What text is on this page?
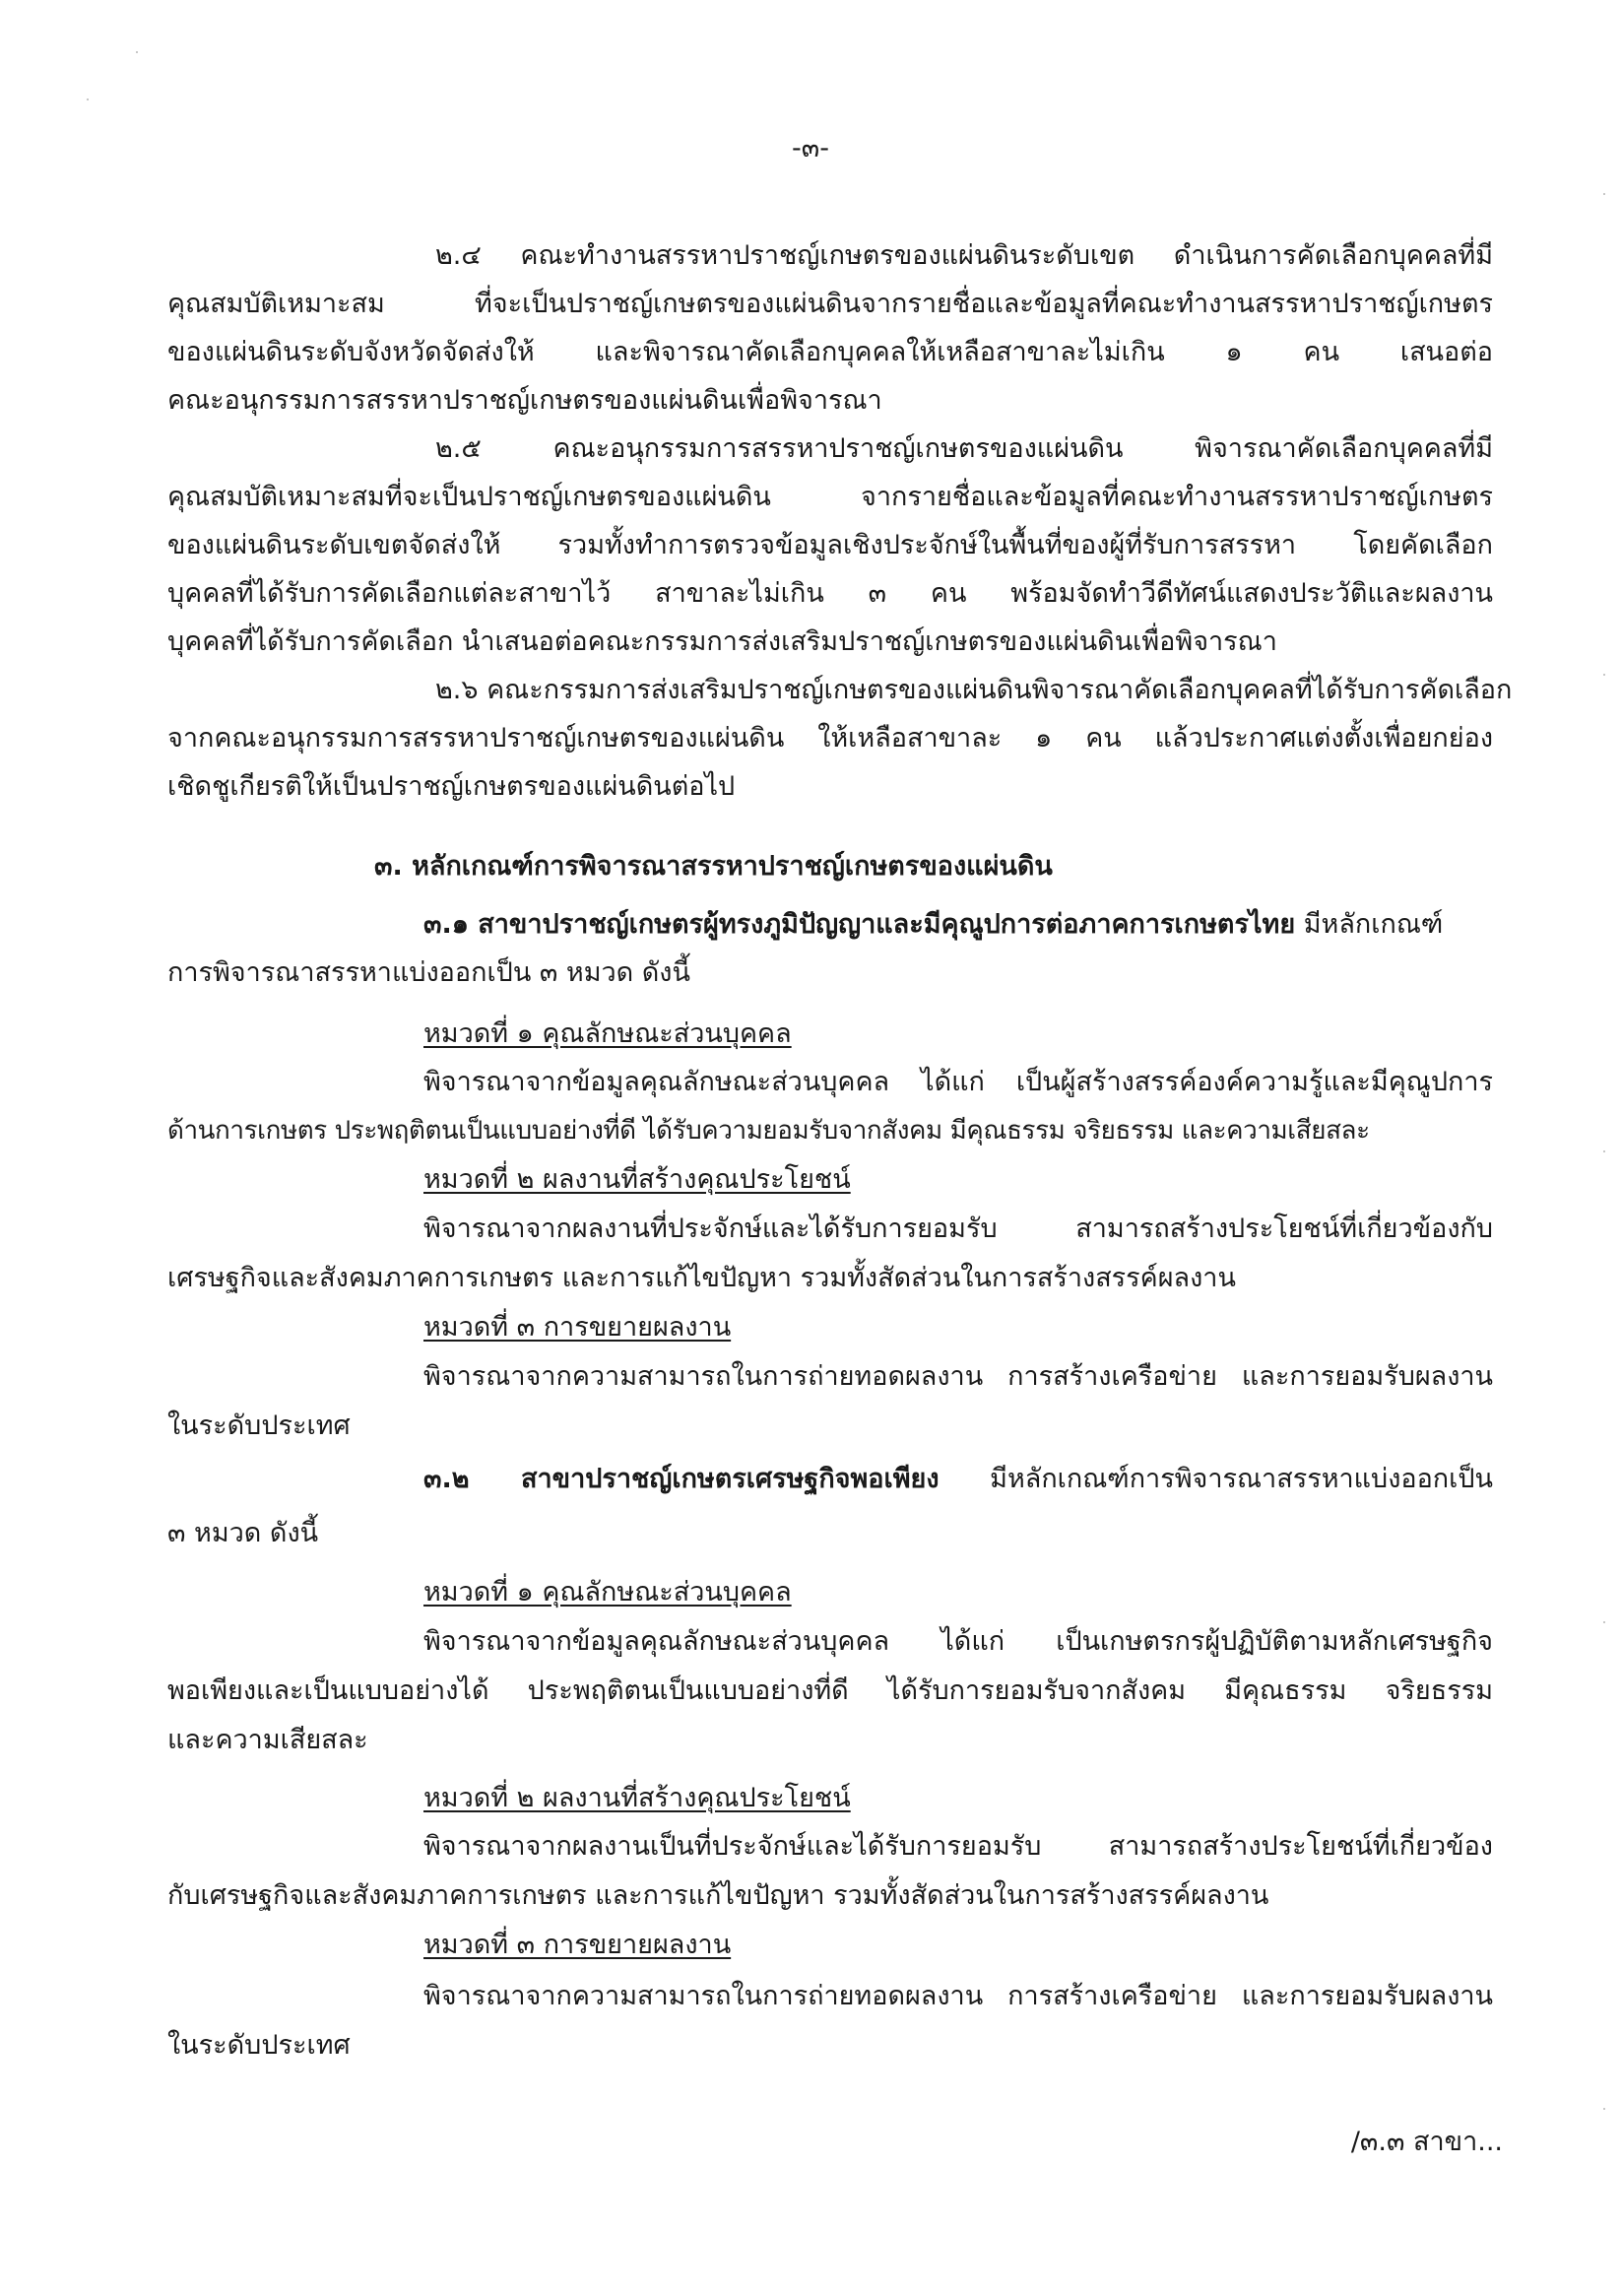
-๓-
๒.๔ คณะทำงานสรรหาปราชญ์เกษตรของแผ่นดินระดับเขต ดำเนินการคัดเลือกบุคคลที่มี
คุณสมบัติเหมาะสม ที่จะเป็นปราชญ์เกษตรของแผ่นดินจากรายชื่อและข้อมูลที่คณะทำงานสรรหาปราชญ์เกษตร
ของแผ่นดินระดับจังหวัดจัดส่งให้ และพิจารณาคัดเลือกบุคคลให้เหลือสาขาละไม่เกิน ๑ คน เสนอต่อ
คณะอนุกรรมการสรรหาปราชญ์เกษตรของแผ่นดินเพื่อพิจารณา
๒.๕ คณะอนุกรรมการสรรหาปราชญ์เกษตรของแผ่นดิน พิจารณาคัดเลือกบุคคลที่มี
คุณสมบัติเหมาะสมที่จะเป็นปราชญ์เกษตรของแผ่นดิน จากรายชื่อและข้อมูลที่คณะทำงานสรรหาปราชญ์เกษตร
ของแผ่นดินระดับเขตจัดส่งให้ รวมทั้งทำการตรวจข้อมูลเชิงประจักษ์ในพื้นที่ของผู้ที่รับการสรรหา โดยคัดเลือก
บุคคลที่ได้รับการคัดเลือกแต่ละสาขาไว้ สาขาละไม่เกิน ๓ คน พร้อมจัดทำวีดีทัศน์แสดงประวัติและผลงาน
บุคคลที่ได้รับการคัดเลือก นำเสนอต่อคณะกรรมการส่งเสริมปราชญ์เกษตรของแผ่นดินเพื่อพิจารณา
๒.๖ คณะกรรมการส่งเสริมปราชญ์เกษตรของแผ่นดินพิจารณาคัดเลือกบุคคลที่ได้รับการคัดเลือก
จากคณะอนุกรรมการสรรหาปราชญ์เกษตรของแผ่นดิน ให้เหลือสาขาละ ๑ คน แล้วประกาศแต่งตั้งเพื่อยกย่อง
เชิดชูเกียรติให้เป็นปราชญ์เกษตรของแผ่นดินต่อไป
๓. หลักเกณฑ์การพิจารณาสรรหาปราชญ์เกษตรของแผ่นดิน
๓.๑ สาขาปราชญ์เกษตรผู้ทรงภูมิปัญญาและมีคุณูปการต่อภาคการเกษตรไทย มีหลักเกณฑ์
การพิจารณาสรรหาแบ่งออกเป็น ๓ หมวด ดังนี้
หมวดที่ ๑ คุณลักษณะส่วนบุคคล
พิจารณาจากข้อมูลคุณลักษณะส่วนบุคคล ได้แก่ เป็นผู้สร้างสรรค์องค์ความรู้และมีคุณูปการ
ด้านการเกษตร ประพฤติตนเป็นแบบอย่างที่ดี ได้รับความยอมรับจากสังคม มีคุณธรรม จริยธรรม และความเสียสละ
หมวดที่ ๒ ผลงานที่สร้างคุณประโยชน์
พิจารณาจากผลงานที่ประจักษ์และได้รับการยอมรับ สามารถสร้างประโยชน์ที่เกี่ยวข้องกับ
เศรษฐกิจและสังคมภาคการเกษตร และการแก้ไขปัญหา รวมทั้งสัดส่วนในการสร้างสรรค์ผลงาน
หมวดที่ ๓ การขยายผลงาน
พิจารณาจากความสามารถในการถ่ายทอดผลงาน การสร้างเครือข่าย และการยอมรับผลงาน
ในระดับประเทศ
๓.๒ สาขาปราชญ์เกษตรเศรษฐกิจพอเพียง มีหลักเกณฑ์การพิจารณาสรรหาแบ่งออกเป็น
๓ หมวด ดังนี้
หมวดที่ ๑ คุณลักษณะส่วนบุคคล
พิจารณาจากข้อมูลคุณลักษณะส่วนบุคคล ได้แก่ เป็นเกษตรกรผู้ปฏิบัติตามหลักเศรษฐกิจ
พอเพียงและเป็นแบบอย่างได้ ประพฤติตนเป็นแบบอย่างที่ดี ได้รับการยอมรับจากสังคม มีคุณธรรม จริยธรรม
และความเสียสละ
หมวดที่ ๒ ผลงานที่สร้างคุณประโยชน์
พิจารณาจากผลงานเป็นที่ประจักษ์และได้รับการยอมรับ สามารถสร้างประโยชน์ที่เกี่ยวข้อง
กับเศรษฐกิจและสังคมภาคการเกษตร และการแก้ไขปัญหา รวมทั้งสัดส่วนในการสร้างสรรค์ผลงาน
หมวดที่ ๓ การขยายผลงาน
พิจารณาจากความสามารถในการถ่ายทอดผลงาน การสร้างเครือข่าย และการยอมรับผลงาน
ในระดับประเทศ
/๓.๓ สาขา...
